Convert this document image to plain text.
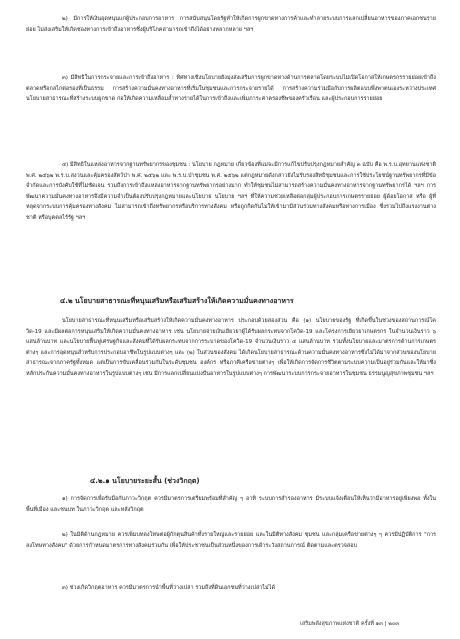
๒) มีการให้เงินอุดหนุนแก่ผู้ประกอบการอาหาร การสนับสนุนโดยรัฐทำให้เกิดการผูกขาดทางการค้าและทำลายระบบการแลกเปลี่ยนอาหารของภาคเอกชนรายย่อย ไม่ส่งเสริมให้เกิดช่องทางการเข้าถึงอาหารซึ่งผู้บริโภคสามารถเข้าถึงได้อย่างหลากหลาย ฯลฯ

๓) มีสิทธิในการกระจายและการเข้าถึงอาหาร : ทิศทางเชิงนโยบายยังมุ่งส่งเสริมการผูกขาดทางด้านการตลาดโดยระบบไม่เปิดโอกาสให้เกษตรกรรายย่อยเข้าถึงตลาดหรือกลไกต่อรองที่เป็นธรรม การสร้างความมั่นคงทางอาหารที่เริ่มในชุมชนและการกระจายรายได้ การสร้างความร่วมมือกับการผลิตแบบพึ่งพาตนเองระหว่างประเทศ นโยบายสาธารณะที่สร้างระบบผูกขาด ก่อให้เกิดความเหลื่อมล้ำทางรายได้ในการเข้าถึงและเพิ่มภาระค่าครองชีพของครัวเรือน และผู้ประกอบการรายย่อย

๔) มีสิทธิในแหล่งอาหารจากฐานทรัพยากรของชุมชน : นโยบาย กฎหมาย เกี่ยวข้องที่แม่จะมีการแก้ไขปรับปรุงกฎหมายสำคัญ ๓ ฉบับ คือ พ.ร.บ.อุทยานแห่งชาติ พ.ศ. ๒๕๖๒ พ.ร.บ.สงวนและคุ้มครองสัตว์ป่า พ.ศ. ๒๕๖๒ และ พ.ร.บ.ป่าชุมชน พ.ศ. ๒๕๖๒ แต่กฎหมายดังกล่าวยังไม่รับรองสิทธิชุมชนและการใช้ประโยชน์ฐานทรัพยากรที่มีข้อจำกัดและการบังคับใช้ที่ไม่ชัดเจน รวมถึงการเข้าถึงแหล่งอาหารจากฐานทรัพยากรอย่างมาก ทำให้ชุมชนไม่สามารถสร้างความมั่นคงทางอาหารจากฐานทรัพยากรได้ ฯลฯ การพัฒนาความมั่นคงทางอาหารจึงมีความจำเป็นต้องปรับปรุงกฎหมายและนโยบาย นโยบาย ฯลฯ ที่ให้ความช่วยเหลือต่อกลุ่มผู้ประกอบการเกษตรรายย่อย ผู้ด้อยโอกาส หรือ ผู้ที่หลุดจากระบบการคุ้มครองทางสังคม ไม่สามารถเข้าถึงทรัพยากรหรือบริการทางสังคม หรือถูกกีดกันไม่ให้เข้ามามีส่วนร่วมทางสังคมหรือทางการเมือง ซึ่งรวมไปถึงแรงงานต่างชาติ หรือบุคคลไร้รัฐ ฯลฯ

๔.๒ นโยบายสาธารณะที่หนุนเสริมหรือเสริมสร้างให้เกิดความมั่นคงทางอาหาร

นโยบายสาธารณะที่หนุนเสริมหรือเสริมสร้างให้เกิดความมั่นคงทางอาหาร ประกอบด้วยสองส่วน คือ (๑) นโยบายของรัฐ ที่เกิดขึ้นในช่วงของสถานการณ์โควิด-19 และมีผลต่อการหนุนเสริมให้เกิดความมั่นคงทางอาหาร เช่น นโยบายจ่ายเงินเยียวยาผู้ได้รับผลกระทบจากโควิด-19 และโครงการเยียวยาเกษตรกร ในจำนวนเงินราว ๖ แสนล้านบาท และนโยบายฟื้นฟูเศรษฐกิจและสังคมที่ได้รับผลกระทบจากการระบาดของโควิด-19 จำนวนเงินราว ๔ แสนล้านบาท รวมทั้งนโยบายและมาตรการด้านการเกษตรต่างๆ และการอุดหนุนสำหรับการประกอบอาชีพในรูปแบบต่างๆ และ (๒) ในส่วนของสังคม ได้เกิดนโยบายสาธารณะด้านความมั่นคงทางอาหารซึ่งไม่ได้มาจากส่วนของนโยบายสาธารณะจากภาครัฐทั้งหมด แต่เป็นการขับเคลื่อนร่วมกันในระดับชุมชน องค์กร หรือภาคีเครือข่ายต่างๆ เพื่อให้เกิดการจัดการชีวิตตามระบบความเป็นอยู่ร่วมกันและให้มาซึ่งหลักประกันความมั่นคงทางอาหารในรูปแบบต่างๆ เช่น มีการแลกเปลี่ยนแบ่งปันอาหารในรูปแบบต่างๆ การพัฒนาระบบการกระจายอาหารในชุมชน ธรรมนูญสุขภาพชุมชน ฯลฯ

๔.๒.๑ นโยบายระยะสั้น (ช่วงวิกฤต)

๑) การจัดการเพื่อรับมือกับภาวะวิกฤต ควรมีมาตรการเตรียมพร้อมที่สำคัญ ๆ อาทิ ระบบการสำรองอาหาร มีระบบแจ้งเตือนให้เห็นว่ามีอาหารอยู่เพียงพอ ทั้งในพื้นที่เมือง และชนบท ในภาวะวิกฤต และหลังวิกฤต

๒) ในมิติด้านกฎหมาย ควรเพิ่มบทลงโทษต่อผู้กักตุนสินค้าทั้งรายใหญ่และรายย่อย และในมิติทางสังคม ชุมชน และกลุ่มเครือข่ายต่างๆ ๆ ควรมีปฏิบัติการ "การลงโทษทางสังคม" ด้วยการกำหนดมาตรการทางสังคมร่วมกัน เพื่อให้ประชาชนเป็นส่วนหนึ่งของการเฝ้าระวังสถานการณ์ ติดตามและตรวจสอบ

๓) ช่วงเกิดวิกฤตอาหาร ควรมีมาตรการนำพื้นที่ว่างเปล่า รวมถึงที่ดินเอกชนที่ว่างเปล่าไม่ได้

เสริมพลังสุขภาพแห่งชาติ ครั้งที่ ๑๓ | ๒๐๓
